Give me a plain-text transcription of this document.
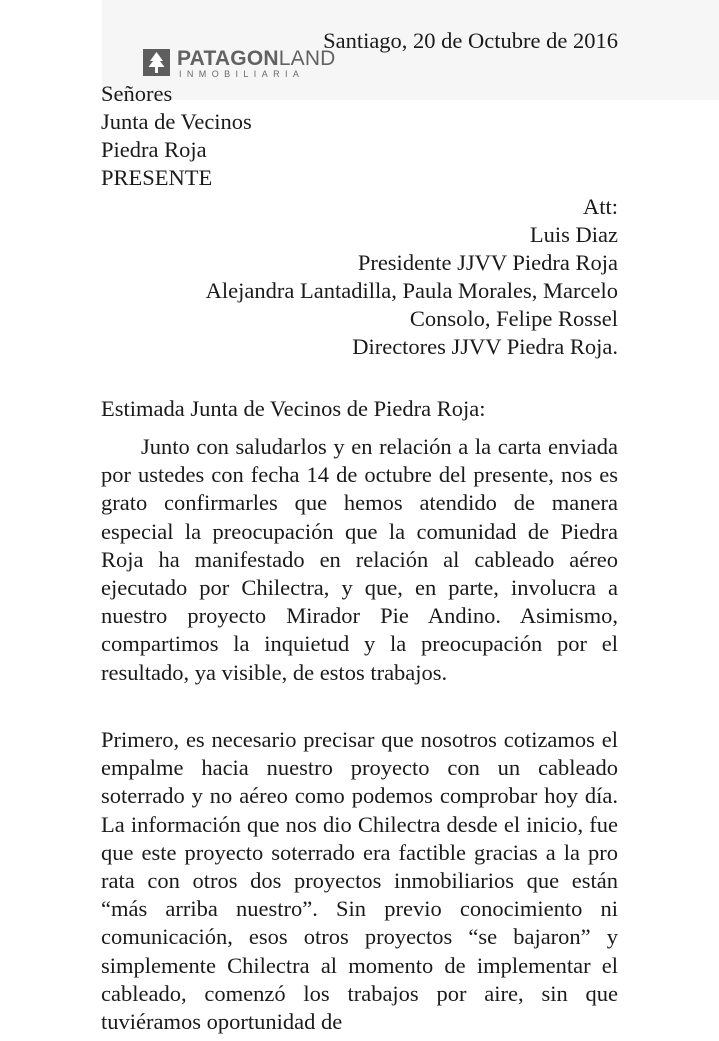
PATAGONLAND
INMOBILIARIA
Santiago, 20 de Octubre de 2016
Señores
Junta de Vecinos
Piedra Roja
PRESENTE
Att:
Luis Diaz
Presidente JJVV Piedra Roja
Alejandra Lantadilla, Paula Morales, Marcelo
Consolo, Felipe Rossel
Directores JJVV Piedra Roja.
Estimada Junta de Vecinos de Piedra Roja:

Junto con saludarlos y en relación a la carta enviada por ustedes con fecha 14 de octubre del presente, nos es grato confirmarles que hemos atendido de manera especial la preocupación que la comunidad de Piedra Roja ha manifestado en relación al cableado aéreo ejecutado por Chilectra, y que, en parte, involucra a nuestro proyecto Mirador Pie Andino. Asimismo, compartimos la inquietud y la preocupación por el resultado, ya visible, de estos trabajos.

Primero, es necesario precisar que nosotros cotizamos el empalme hacia nuestro proyecto con un cableado soterrado y no aéreo como podemos comprobar hoy día. La información que nos dio Chilectra desde el inicio, fue que este proyecto soterrado era factible gracias a la pro rata con otros dos proyectos inmobiliarios que están “más arriba nuestro”. Sin previo conocimiento ni comunicación, esos otros proyectos “se bajaron” y simplemente Chilectra al momento de implementar el cableado, comenzó los trabajos por aire, sin que tuviéramos oportunidad de
